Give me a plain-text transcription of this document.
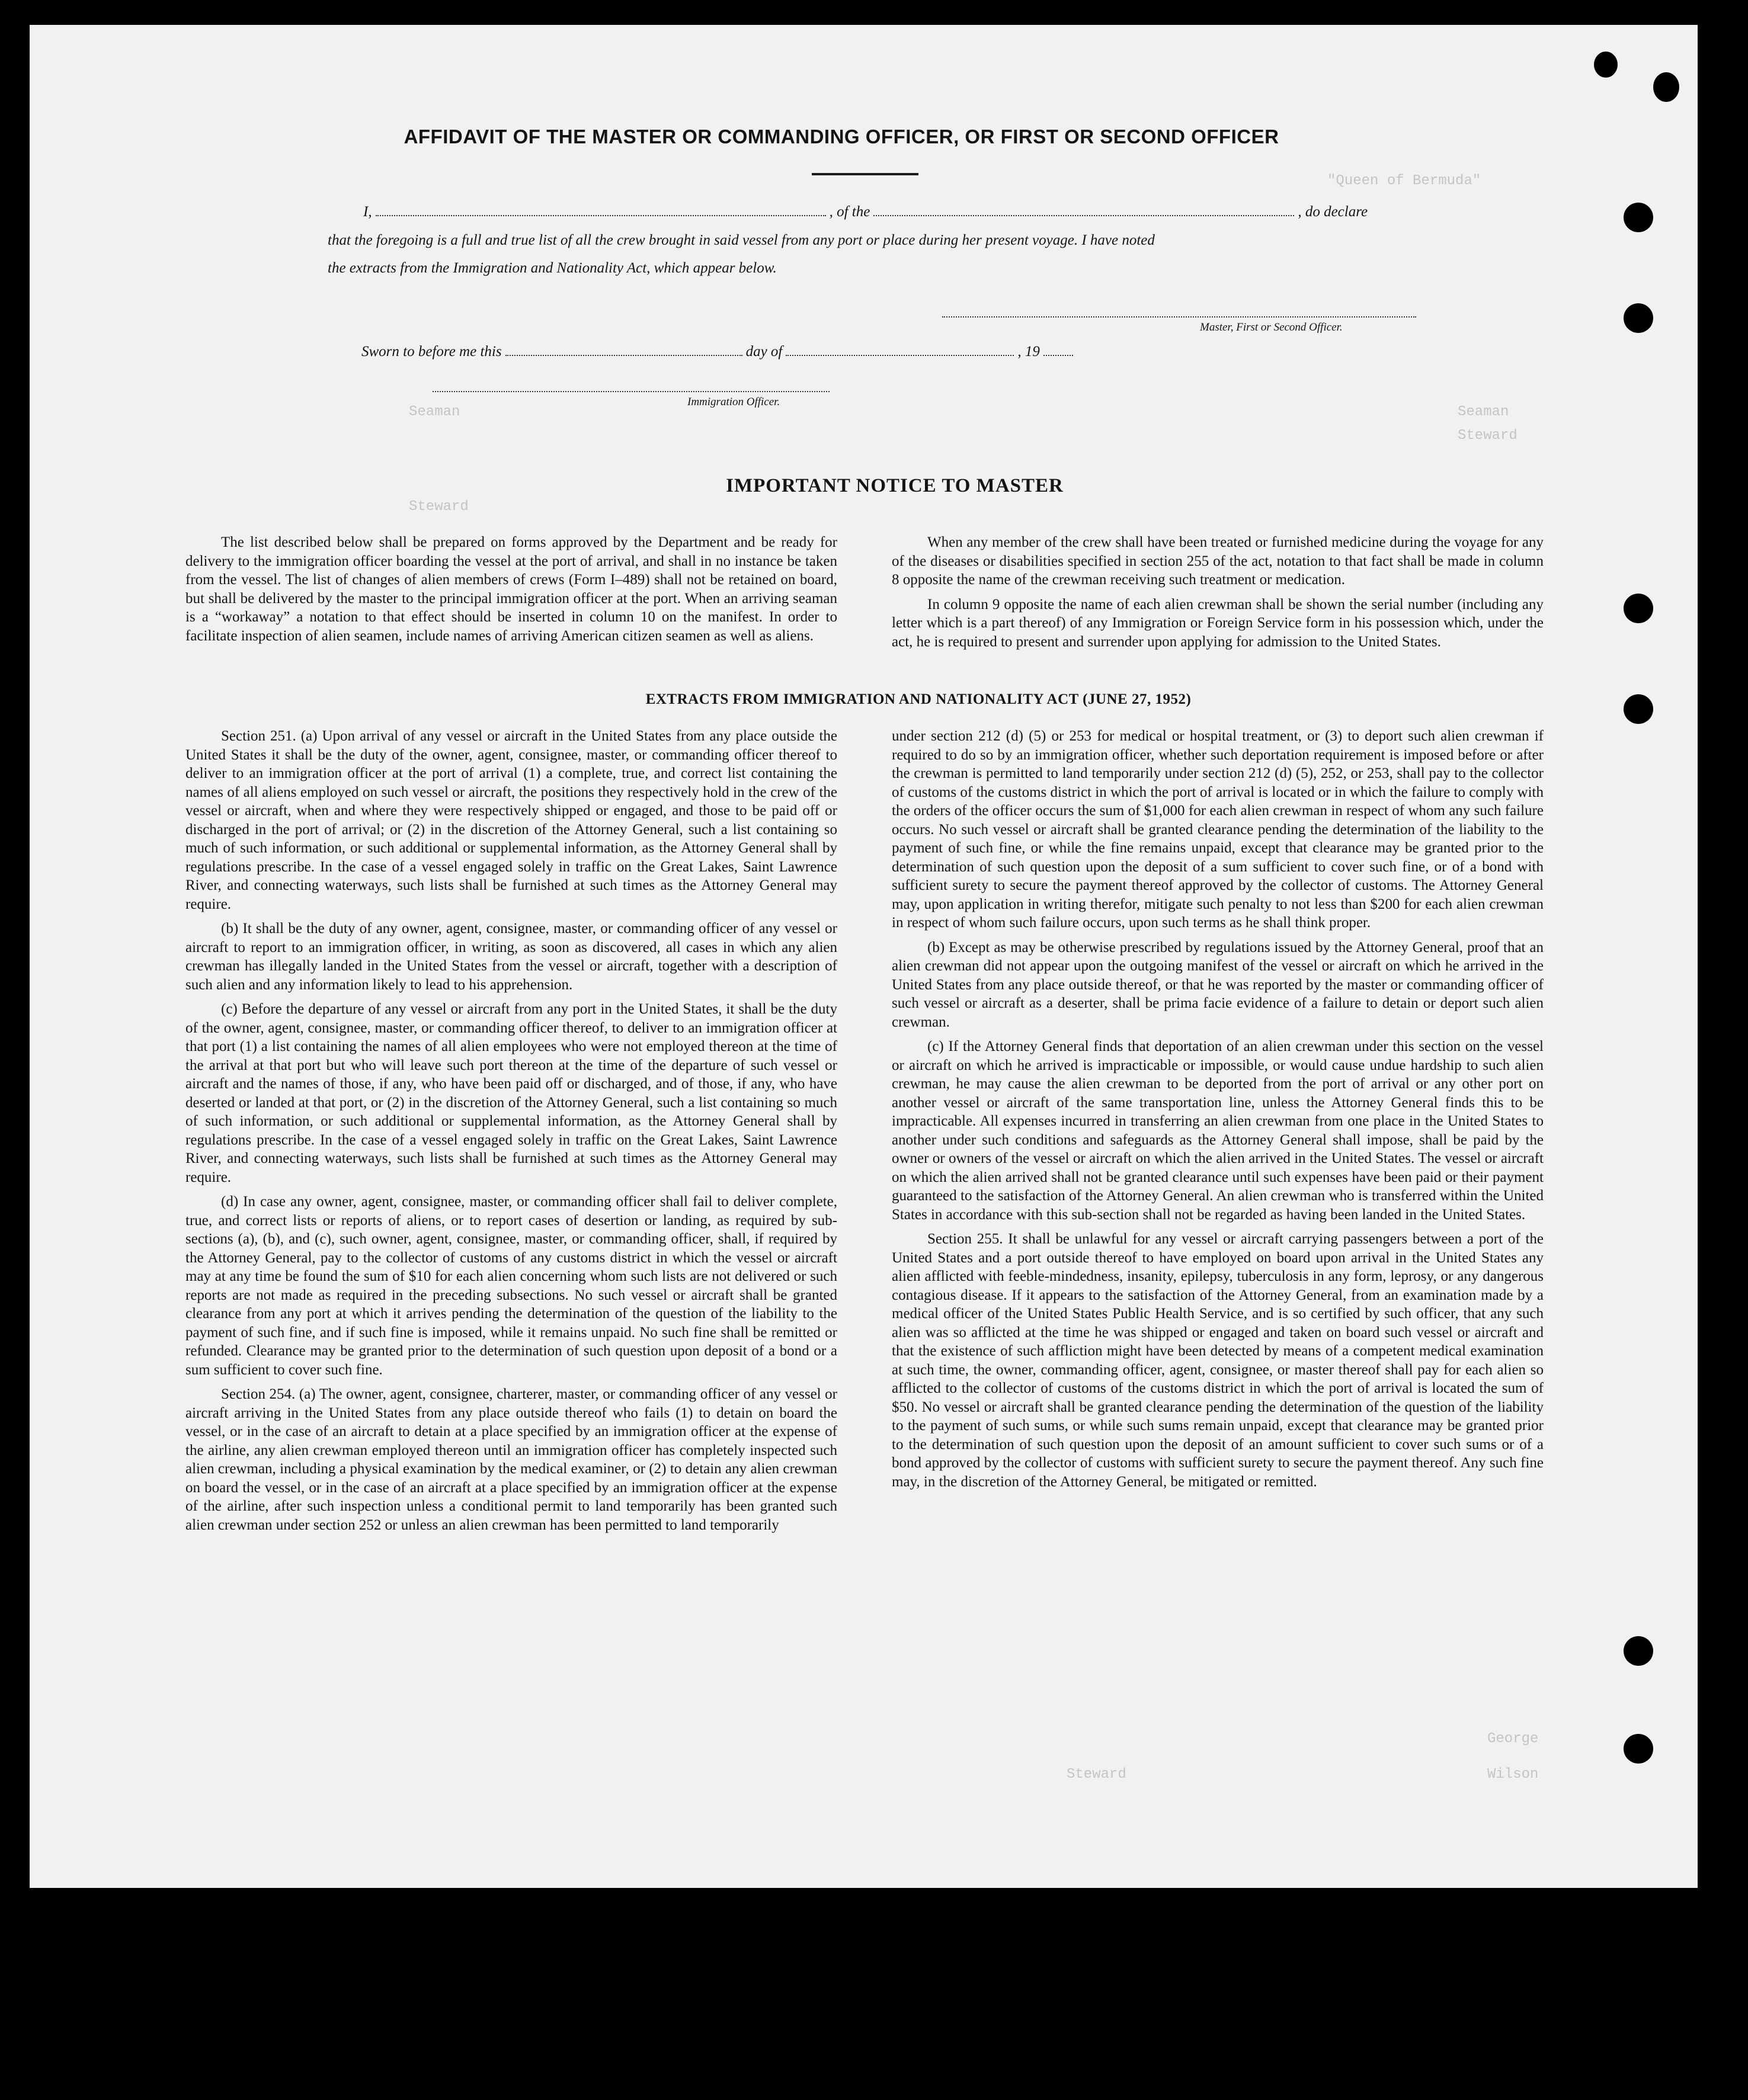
"Queen of Bermuda"
Seaman
Steward
Seaman
Steward
George
Steward	Wilson
AFFIDAVIT OF THE MASTER OR COMMANDING OFFICER, OR FIRST OR SECOND OFFICER
I,	, of the	, do declare
that the foregoing is a full and true list of all the crew brought in said vessel from any port or place during her present voyage. I have noted
the extracts from the Immigration and Nationality Act, which appear below.
Master, First or Second Officer.
Sworn to before me this	day of	, 19
Immigration Officer.
IMPORTANT NOTICE TO MASTER

The list described below shall be prepared on forms approved by the Department and be ready for delivery to the immigration officer boarding the vessel at the port of arrival, and shall in no instance be taken from the vessel. The list of changes of alien members of crews (Form I–489) shall not be retained on board, but shall be delivered by the master to the principal immigration officer at the port. When an arriving seaman is a “workaway” a notation to that effect should be inserted in column 10 on the manifest. In order to facilitate inspection of alien seamen, include names of arriving American citizen seamen as well as aliens.

When any member of the crew shall have been treated or furnished medicine during the voyage for any of the diseases or disabilities specified in section 255 of the act, notation to that fact shall be made in column 8 opposite the name of the crewman receiving such treatment or medication.

In column 9 opposite the name of each alien crewman shall be shown the serial number (including any letter which is a part thereof) of any Immigration or Foreign Service form in his possession which, under the act, he is required to present and surrender upon applying for admission to the United States.

EXTRACTS FROM IMMIGRATION AND NATIONALITY ACT (JUNE 27, 1952)

Section 251. (a) Upon arrival of any vessel or aircraft in the United States from any place outside the United States it shall be the duty of the owner, agent, consignee, master, or commanding officer thereof to deliver to an immigration officer at the port of arrival (1) a complete, true, and correct list containing the names of all aliens employed on such vessel or aircraft, the positions they respectively hold in the crew of the vessel or aircraft, when and where they were respectively shipped or engaged, and those to be paid off or discharged in the port of arrival; or (2) in the discretion of the Attorney General, such a list containing so much of such information, or such additional or supplemental information, as the Attorney General shall by regulations prescribe. In the case of a vessel engaged solely in traffic on the Great Lakes, Saint Lawrence River, and connecting waterways, such lists shall be furnished at such times as the Attorney General may require.

(b) It shall be the duty of any owner, agent, consignee, master, or commanding officer of any vessel or aircraft to report to an immigration officer, in writing, as soon as discovered, all cases in which any alien crewman has illegally landed in the United States from the vessel or aircraft, together with a description of such alien and any information likely to lead to his apprehension.

(c) Before the departure of any vessel or aircraft from any port in the United States, it shall be the duty of the owner, agent, consignee, master, or commanding officer thereof, to deliver to an immigration officer at that port (1) a list containing the names of all alien employees who were not employed thereon at the time of the arrival at that port but who will leave such port thereon at the time of the departure of such vessel or aircraft and the names of those, if any, who have been paid off or discharged, and of those, if any, who have deserted or landed at that port, or (2) in the discretion of the Attorney General, such a list containing so much of such information, or such additional or supplemental information, as the Attorney General shall by regulations prescribe. In the case of a vessel engaged solely in traffic on the Great Lakes, Saint Lawrence River, and connecting waterways, such lists shall be furnished at such times as the Attorney General may require.

(d) In case any owner, agent, consignee, master, or commanding officer shall fail to deliver complete, true, and correct lists or reports of aliens, or to report cases of desertion or landing, as required by sub-sections (a), (b), and (c), such owner, agent, consignee, master, or commanding officer, shall, if required by the Attorney General, pay to the collector of customs of any customs district in which the vessel or aircraft may at any time be found the sum of $10 for each alien concerning whom such lists are not delivered or such reports are not made as required in the preceding subsections. No such vessel or aircraft shall be granted clearance from any port at which it arrives pending the determination of the question of the liability to the payment of such fine, and if such fine is imposed, while it remains unpaid. No such fine shall be remitted or refunded. Clearance may be granted prior to the determination of such question upon deposit of a bond or a sum sufficient to cover such fine.

Section 254. (a) The owner, agent, consignee, charterer, master, or commanding officer of any vessel or aircraft arriving in the United States from any place outside thereof who fails (1) to detain on board the vessel, or in the case of an aircraft to detain at a place specified by an immigration officer at the expense of the airline, any alien crewman employed thereon until an immigration officer has completely inspected such alien crewman, including a physical examination by the medical examiner, or (2) to detain any alien crewman on board the vessel, or in the case of an aircraft at a place specified by an immigration officer at the expense of the airline, after such inspection unless a conditional permit to land temporarily has been granted such alien crewman under section 252 or unless an alien crewman has been permitted to land temporarily

under section 212 (d) (5) or 253 for medical or hospital treatment, or (3) to deport such alien crewman if required to do so by an immigration officer, whether such deportation requirement is imposed before or after the crewman is permitted to land temporarily under section 212 (d) (5), 252, or 253, shall pay to the collector of customs of the customs district in which the port of arrival is located or in which the failure to comply with the orders of the officer occurs the sum of $1,000 for each alien crewman in respect of whom any such failure occurs. No such vessel or aircraft shall be granted clearance pending the determination of the liability to the payment of such fine, or while the fine remains unpaid, except that clearance may be granted prior to the determination of such question upon the deposit of a sum sufficient to cover such fine, or of a bond with sufficient surety to secure the payment thereof approved by the collector of customs. The Attorney General may, upon application in writing therefor, mitigate such penalty to not less than $200 for each alien crewman in respect of whom such failure occurs, upon such terms as he shall think proper.

(b) Except as may be otherwise prescribed by regulations issued by the Attorney General, proof that an alien crewman did not appear upon the outgoing manifest of the vessel or aircraft on which he arrived in the United States from any place outside thereof, or that he was reported by the master or commanding officer of such vessel or aircraft as a deserter, shall be prima facie evidence of a failure to detain or deport such alien crewman.

(c) If the Attorney General finds that deportation of an alien crewman under this section on the vessel or aircraft on which he arrived is impracticable or impossible, or would cause undue hardship to such alien crewman, he may cause the alien crewman to be deported from the port of arrival or any other port on another vessel or aircraft of the same transportation line, unless the Attorney General finds this to be impracticable. All expenses incurred in transferring an alien crewman from one place in the United States to another under such conditions and safeguards as the Attorney General shall impose, shall be paid by the owner or owners of the vessel or aircraft on which the alien arrived in the United States. The vessel or aircraft on which the alien arrived shall not be granted clearance until such expenses have been paid or their payment guaranteed to the satisfaction of the Attorney General. An alien crewman who is transferred within the United States in accordance with this sub-section shall not be regarded as having been landed in the United States.

Section 255. It shall be unlawful for any vessel or aircraft carrying passengers between a port of the United States and a port outside thereof to have employed on board upon arrival in the United States any alien afflicted with feeble-mindedness, insanity, epilepsy, tuberculosis in any form, leprosy, or any dangerous contagious disease. If it appears to the satisfaction of the Attorney General, from an examination made by a medical officer of the United States Public Health Service, and is so certified by such officer, that any such alien was so afflicted at the time he was shipped or engaged and taken on board such vessel or aircraft and that the existence of such affliction might have been detected by means of a competent medical examination at such time, the owner, commanding officer, agent, consignee, or master thereof shall pay for each alien so afflicted to the collector of customs of the customs district in which the port of arrival is located the sum of $50. No vessel or aircraft shall be granted clearance pending the determination of the question of the liability to the payment of such sums, or while such sums remain unpaid, except that clearance may be granted prior to the determination of such question upon the deposit of an amount sufficient to cover such sums or of a bond approved by the collector of customs with sufficient surety to secure the payment thereof. Any such fine may, in the discretion of the Attorney General, be mitigated or remitted.
